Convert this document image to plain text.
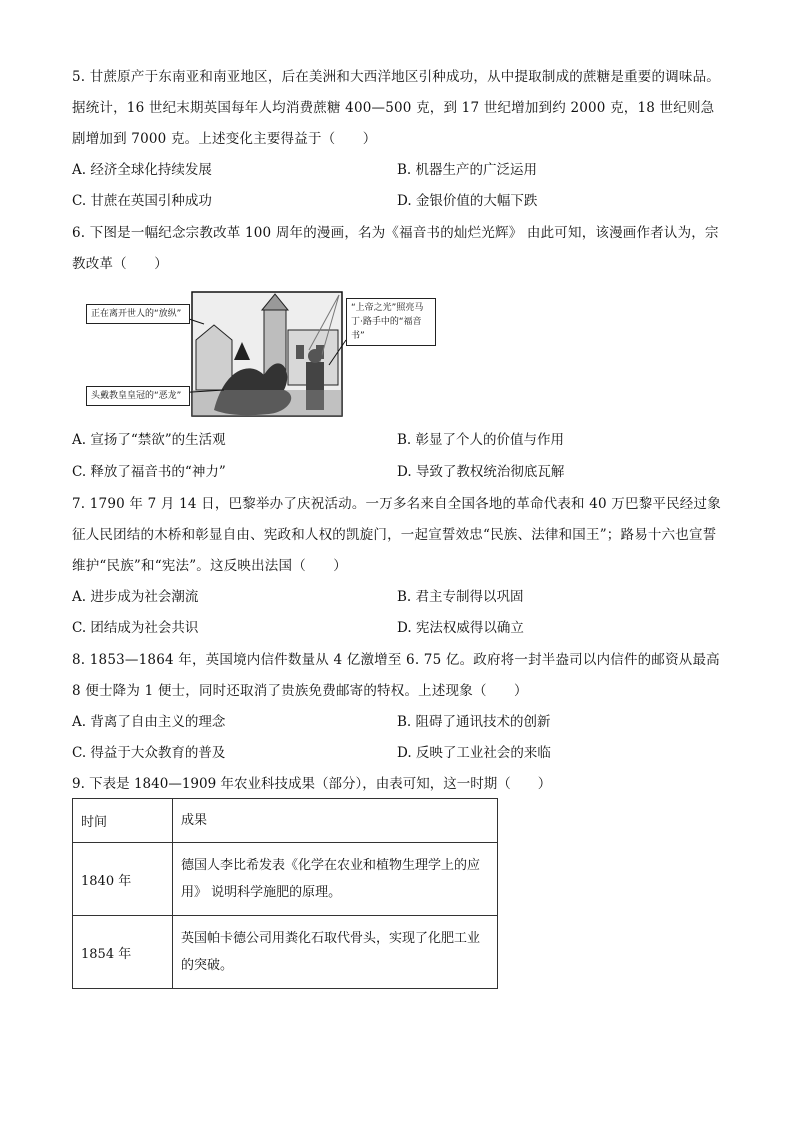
5. 甘蔗原产于东南亚和南亚地区，后在美洲和大西洋地区引种成功，从中提取制成的蔗糖是重要的调味品。据统计，16 世纪末期英国每年人均消费蔗糖 400—500 克，到 17 世纪增加到约 2000 克，18 世纪则急剧增加到 7000 克。上述变化主要得益于（　　）
A. 经济全球化持续发展	B. 机器生产的广泛运用
C. 甘蔗在英国引种成功	D. 金银价值的大幅下跌
6. 下图是一幅纪念宗教改革 100 周年的漫画，名为《福音书的灿烂光辉》 由此可知，该漫画作者认为，宗教改革（　　）
正在离开世人的“放纵”
头戴教皇皇冠的“恶龙”
“上帝之光”照亮马丁·路手中的“福音书”
A. 宣扬了“禁欲”的生活观	B. 彰显了个人的价值与作用
C. 释放了福音书的“神力”	D. 导致了教权统治彻底瓦解
7. 1790 年 7 月 14 日，巴黎举办了庆祝活动。一万多名来自全国各地的革命代表和 40 万巴黎平民经过象征人民团结的木桥和彰显自由、宪政和人权的凯旋门，一起宣誓效忠“民族、法律和国王”；路易十六也宣誓维护“民族”和“宪法”。这反映出法国（　　）
A. 进步成为社会潮流	B. 君主专制得以巩固
C. 团结成为社会共识	D. 宪法权威得以确立
8. 1853—1864 年，英国境内信件数量从 4 亿激增至 6. 75 亿。政府将一封半盎司以内信件的邮资从最高 8 便士降为 1 便士，同时还取消了贵族免费邮寄的特权。上述现象（　　）
A. 背离了自由主义的理念	B. 阻碍了通讯技术的创新
C. 得益于大众教育的普及	D. 反映了工业社会的来临
9. 下表是 1840—1909 年农业科技成果（部分），由表可知，这一时期（　　）
时间	成果
1840 年	德国人李比希发表《化学在农业和植物生理学上的应用》 说明科学施肥的原理。
1854 年	英国帕卡德公司用粪化石取代骨头，实现了化肥工业的突破。
